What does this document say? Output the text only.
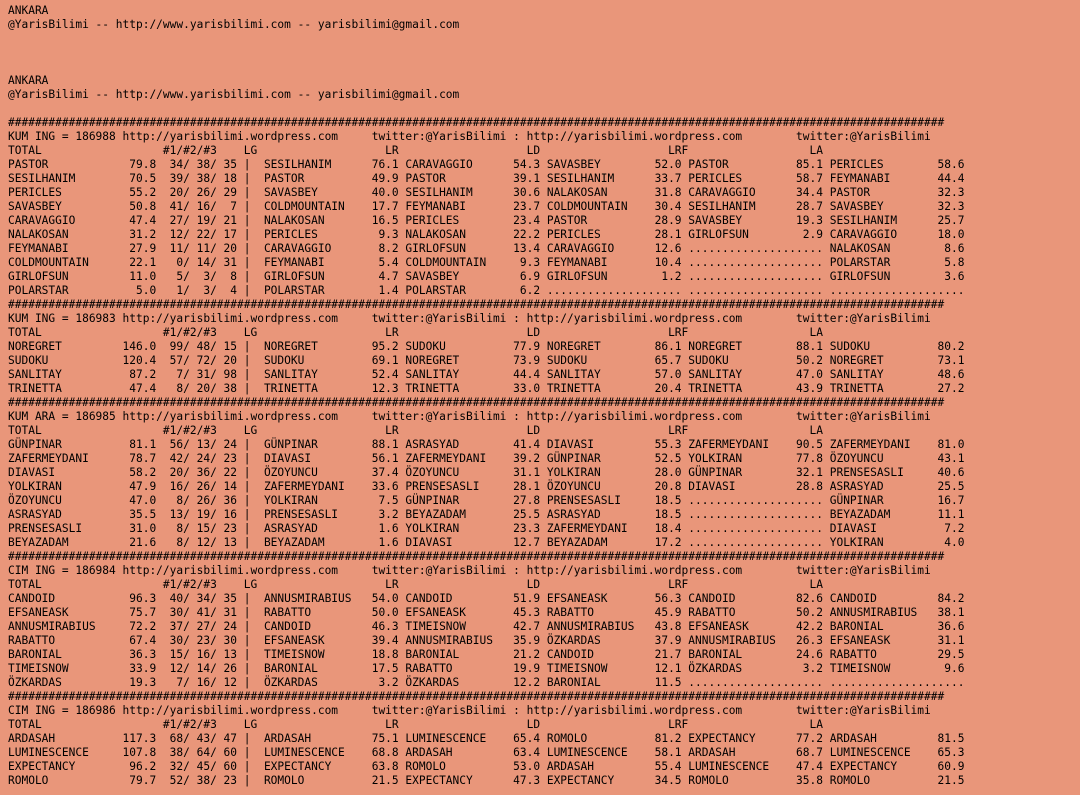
ANKARA
@YarisBilimi -- http://www.yarisbilimi.com -- yarisbilimi@gmail.com
ANKARA
@YarisBilimi -- http://www.yarisbilimi.com -- yarisbilimi@gmail.com
###########################################################################################################################################
KUM ING = 186988 http://yarisbilimi.wordpress.com     twitter:@YarisBilimi : http://yarisbilimi.wordpress.com        twitter:@YarisBilimi
TOTAL                  #1/#2/#3    LG                   LR                   LD                   LRF                  LA
PASTOR            79.8  34/ 38/ 35 |  SESILHANIM      76.1 CARAVAGGIO      54.3 SAVASBEY        52.0 PASTOR          85.1 PERICLES        58.6
SESILHANIM        70.5  39/ 38/ 18 |  PASTOR          49.9 PASTOR          39.1 SESILHANIM      33.7 PERICLES        58.7 FEYMANABI       44.4
PERICLES          55.2  20/ 26/ 29 |  SAVASBEY        40.0 SESILHANIM      30.6 NALAKOSAN       31.8 CARAVAGGIO      34.4 PASTOR          32.3
SAVASBEY          50.8  41/ 16/  7 |  COLDMOUNTAIN    17.7 FEYMANABI       23.7 COLDMOUNTAIN    30.4 SESILHANIM      28.7 SAVASBEY        32.3
CARAVAGGIO        47.4  27/ 19/ 21 |  NALAKOSAN       16.5 PERICLES        23.4 PASTOR          28.9 SAVASBEY        19.3 SESILHANIM      25.7
NALAKOSAN         31.2  12/ 22/ 17 |  PERICLES         9.3 NALAKOSAN       22.2 PERICLES        28.1 GIRLOFSUN        2.9 CARAVAGGIO      18.0
FEYMANABI         27.9  11/ 11/ 20 |  CARAVAGGIO       8.2 GIRLOFSUN       13.4 CARAVAGGIO      12.6 .................... NALAKOSAN        8.6
COLDMOUNTAIN      22.1   0/ 14/ 31 |  FEYMANABI        5.4 COLDMOUNTAIN     9.3 FEYMANABI       10.4 .................... POLARSTAR        5.8
GIRLOFSUN         11.0   5/  3/  8 |  GIRLOFSUN        4.7 SAVASBEY         6.9 GIRLOFSUN        1.2 .................... GIRLOFSUN        3.6
POLARSTAR          5.0   1/  3/  4 |  POLARSTAR        1.4 POLARSTAR        6.2 .................... .................... ....................
###########################################################################################################################################
KUM ING = 186983 http://yarisbilimi.wordpress.com     twitter:@YarisBilimi : http://yarisbilimi.wordpress.com        twitter:@YarisBilimi
TOTAL                  #1/#2/#3    LG                   LR                   LD                   LRF                  LA
NOREGRET         146.0  99/ 48/ 15 |  NOREGRET        95.2 SUDOKU          77.9 NOREGRET        86.1 NOREGRET        88.1 SUDOKU          80.2
SUDOKU           120.4  57/ 72/ 20 |  SUDOKU          69.1 NOREGRET        73.9 SUDOKU          65.7 SUDOKU          50.2 NOREGRET        73.1
SANLITAY          87.2   7/ 31/ 98 |  SANLITAY        52.4 SANLITAY        44.4 SANLITAY        57.0 SANLITAY        47.0 SANLITAY        48.6
TRINETTA          47.4   8/ 20/ 38 |  TRINETTA        12.3 TRINETTA        33.0 TRINETTA        20.4 TRINETTA        43.9 TRINETTA        27.2
###########################################################################################################################################
KUM ARA = 186985 http://yarisbilimi.wordpress.com     twitter:@YarisBilimi : http://yarisbilimi.wordpress.com        twitter:@YarisBilimi
TOTAL                  #1/#2/#3    LG                   LR                   LD                   LRF                  LA
GÜNPINAR          81.1  56/ 13/ 24 |  GÜNPINAR        88.1 ASRASYAD        41.4 DIAVASI         55.3 ZAFERMEYDANI    90.5 ZAFERMEYDANI    81.0
ZAFERMEYDANI      78.7  42/ 24/ 23 |  DIAVASI         56.1 ZAFERMEYDANI    39.2 GÜNPINAR        52.5 YOLKIRAN        77.8 ÖZOYUNCU        43.1
DIAVASI           58.2  20/ 36/ 22 |  ÖZOYUNCU        37.4 ÖZOYUNCU        31.1 YOLKIRAN        28.0 GÜNPINAR        32.1 PRENSESASLI     40.6
YOLKIRAN          47.9  16/ 26/ 14 |  ZAFERMEYDANI    33.6 PRENSESASLI     28.1 ÖZOYUNCU        20.8 DIAVASI         28.8 ASRASYAD        25.5
ÖZOYUNCU          47.0   8/ 26/ 36 |  YOLKIRAN         7.5 GÜNPINAR        27.8 PRENSESASLI     18.5 .................... GÜNPINAR        16.7
ASRASYAD          35.5  13/ 19/ 16 |  PRENSESASLI      3.2 BEYAZADAM       25.5 ASRASYAD        18.5 .................... BEYAZADAM       11.1
PRENSESASLI       31.0   8/ 15/ 23 |  ASRASYAD         1.6 YOLKIRAN        23.3 ZAFERMEYDANI    18.4 .................... DIAVASI          7.2
BEYAZADAM         21.6   8/ 12/ 13 |  BEYAZADAM        1.6 DIAVASI         12.7 BEYAZADAM       17.2 .................... YOLKIRAN         4.0
###########################################################################################################################################
CIM ING = 186984 http://yarisbilimi.wordpress.com     twitter:@YarisBilimi : http://yarisbilimi.wordpress.com        twitter:@YarisBilimi
TOTAL                  #1/#2/#3    LG                   LR                   LD                   LRF                  LA
CANDOID           96.3  40/ 34/ 35 |  ANNUSMIRABIUS   54.0 CANDOID         51.9 EFSANEASK       56.3 CANDOID         82.6 CANDOID         84.2
EFSANEASK         75.7  30/ 41/ 31 |  RABATTO         50.0 EFSANEASK       45.3 RABATTO         45.9 RABATTO         50.2 ANNUSMIRABIUS   38.1
ANNUSMIRABIUS     72.2  37/ 27/ 24 |  CANDOID         46.3 TIMEISNOW       42.7 ANNUSMIRABIUS   43.8 EFSANEASK       42.2 BARONIAL        36.6
RABATTO           67.4  30/ 23/ 30 |  EFSANEASK       39.4 ANNUSMIRABIUS   35.9 ÖZKARDAS        37.9 ANNUSMIRABIUS   26.3 EFSANEASK       31.1
BARONIAL          36.3  15/ 16/ 13 |  TIMEISNOW       18.8 BARONIAL        21.2 CANDOID         21.7 BARONIAL        24.6 RABATTO         29.5
TIMEISNOW         33.9  12/ 14/ 26 |  BARONIAL        17.5 RABATTO         19.9 TIMEISNOW       12.1 ÖZKARDAS         3.2 TIMEISNOW        9.6
ÖZKARDAS          19.3   7/ 16/ 12 |  ÖZKARDAS         3.2 ÖZKARDAS        12.2 BARONIAL        11.5 .................... ....................
###########################################################################################################################################
CIM ING = 186986 http://yarisbilimi.wordpress.com     twitter:@YarisBilimi : http://yarisbilimi.wordpress.com        twitter:@YarisBilimi
TOTAL                  #1/#2/#3    LG                   LR                   LD                   LRF                  LA
ARDASAH          117.3  68/ 43/ 47 |  ARDASAH         75.1 LUMINESCENCE    65.4 ROMOLO          81.2 EXPECTANCY      77.2 ARDASAH         81.5
LUMINESCENCE     107.8  38/ 64/ 60 |  LUMINESCENCE    68.8 ARDASAH         63.4 LUMINESCENCE    58.1 ARDASAH         68.7 LUMINESCENCE    65.3
EXPECTANCY        96.2  32/ 45/ 60 |  EXPECTANCY      63.8 ROMOLO          53.0 ARDASAH         55.4 LUMINESCENCE    47.4 EXPECTANCY      60.9
ROMOLO            79.7  52/ 38/ 23 |  ROMOLO          21.5 EXPECTANCY      47.3 EXPECTANCY      34.5 ROMOLO          35.8 ROMOLO          21.5
